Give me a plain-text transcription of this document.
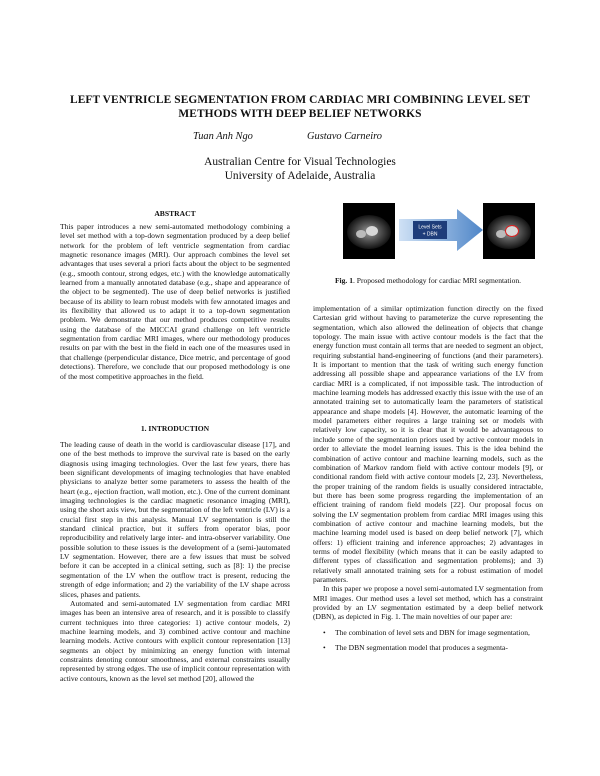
LEFT VENTRICLE SEGMENTATION FROM CARDIAC MRI COMBINING LEVEL SET METHODS WITH DEEP BELIEF NETWORKS
Tuan Anh Ngo	Gustavo Carneiro
Australian Centre for Visual Technologies
University of Adelaide, Australia
ABSTRACT

This paper introduces a new semi-automated methodology combining a level set method with a top-down segmentation produced by a deep belief network for the problem of left ventricle segmentation from cardiac magnetic resonance images (MRI). Our approach combines the level set advantages that uses several a priori facts about the object to be segmented (e.g., smooth contour, strong edges, etc.) with the knowledge automatically learned from a manually annotated database (e.g., shape and appearance of the object to be segmented). The use of deep belief networks is justified because of its ability to learn robust models with few annotated images and its flexibility that allowed us to adapt it to a top-down segmentation problem. We demonstrate that our method produces competitive results using the database of the MICCAI grand challenge on left ventricle segmentation from cardiac MRI images, where our methodology produces results on par with the best in the field in each one of the measures used in that challenge (perpendicular distance, Dice metric, and percentage of good detections). Therefore, we conclude that our proposed methodology is one of the most competitive approaches in the field.

1. INTRODUCTION

The leading cause of death in the world is cardiovascular disease [17], and one of the best methods to improve the survival rate is based on the early diagnosis using imaging technologies. Over the last few years, there has been significant developments of imaging technologies that have enabled physicians to analyze better some parameters to assess the health of the heart (e.g., ejection fraction, wall motion, etc.). One of the current dominant imaging technologies is the cardiac magnetic resonance imaging (MRI), using the short axis view, but the segmentation of the left ventricle (LV) is a crucial first step in this analysis. Manual LV segmentation is still the standard clinical practice, but it suffers from operator bias, poor reproducibility and relatively large inter- and intra-observer variability. One possible solution to these issues is the development of a (semi-)automated LV segmentation. However, there are a few issues that must be solved before it can be accepted in a clinical setting, such as [8]: 1) the precise segmentation of the LV when the outflow tract is present, reducing the strength of edge information; and 2) the variability of the LV shape across slices, phases and patients.

Automated and semi-automated LV segmentation from cardiac MRI images has been an intensive area of research, and it is possible to classify current techniques into three categories: 1) active contour models, 2) machine learning models, and 3) combined active contour and machine learning models. Active contours with explicit contour representation [13] segments an object by minimizing an energy function with internal constraints denoting contour smoothness, and external constraints usually represented by strong edges. The use of implicit contour representation with active contours, known as the level set method [20], allowed the

Level Sets
+ DBN
Fig. 1. Proposed methodology for cardiac MRI segmentation.

implementation of a similar optimization function directly on the fixed Cartesian grid without having to parameterize the curve representing the segmentation, which also allowed the delineation of objects that change topology. The main issue with active contour models is the fact that the energy function must contain all terms that are needed to segment an object, requiring substantial hand-engineering of functions (and their parameters). It is important to mention that the task of writing such energy function addressing all possible shape and appearance variations of the LV from cardiac MRI is a complicated, if not impossible task. The introduction of machine learning models has addressed exactly this issue with the use of an annotated training set to automatically learn the parameters of statistical appearance and shape models [4]. However, the automatic learning of the model parameters either requires a large training set or models with relatively low capacity, so it is clear that it would be advantageous to include some of the segmentation priors used by active contour models in order to alleviate the model learning issues. This is the idea behind the combination of active contour and machine learning models, such as the combination of Markov random field with active contour models [9], or conditional random field with active contour models [2, 23]. Nevertheless, the proper training of the random fields is usually considered intractable, but there has been some progress regarding the implementation of an efficient training of random field models [22]. Our proposal focus on solving the LV segmentation problem from cardiac MRI images using this combination of active contour and machine learning models, but the machine learning model used is based on deep belief network [7], which offers: 1) efficient training and inference approaches; 2) advantages in terms of model flexibility (which means that it can be easily adapted to different types of classification and segmentation problems); and 3) relatively small annotated training sets for a robust estimation of model parameters.

In this paper we propose a novel semi-automated LV segmentation from MRI images. Our method uses a level set method, which has a constraint provided by an LV segmentation estimated by a deep belief network (DBN), as depicted in Fig. 1. The main novelties of our paper are:

• The combination of level sets and DBN for image segmentation,
• The DBN segmentation model that produces a segmenta-
